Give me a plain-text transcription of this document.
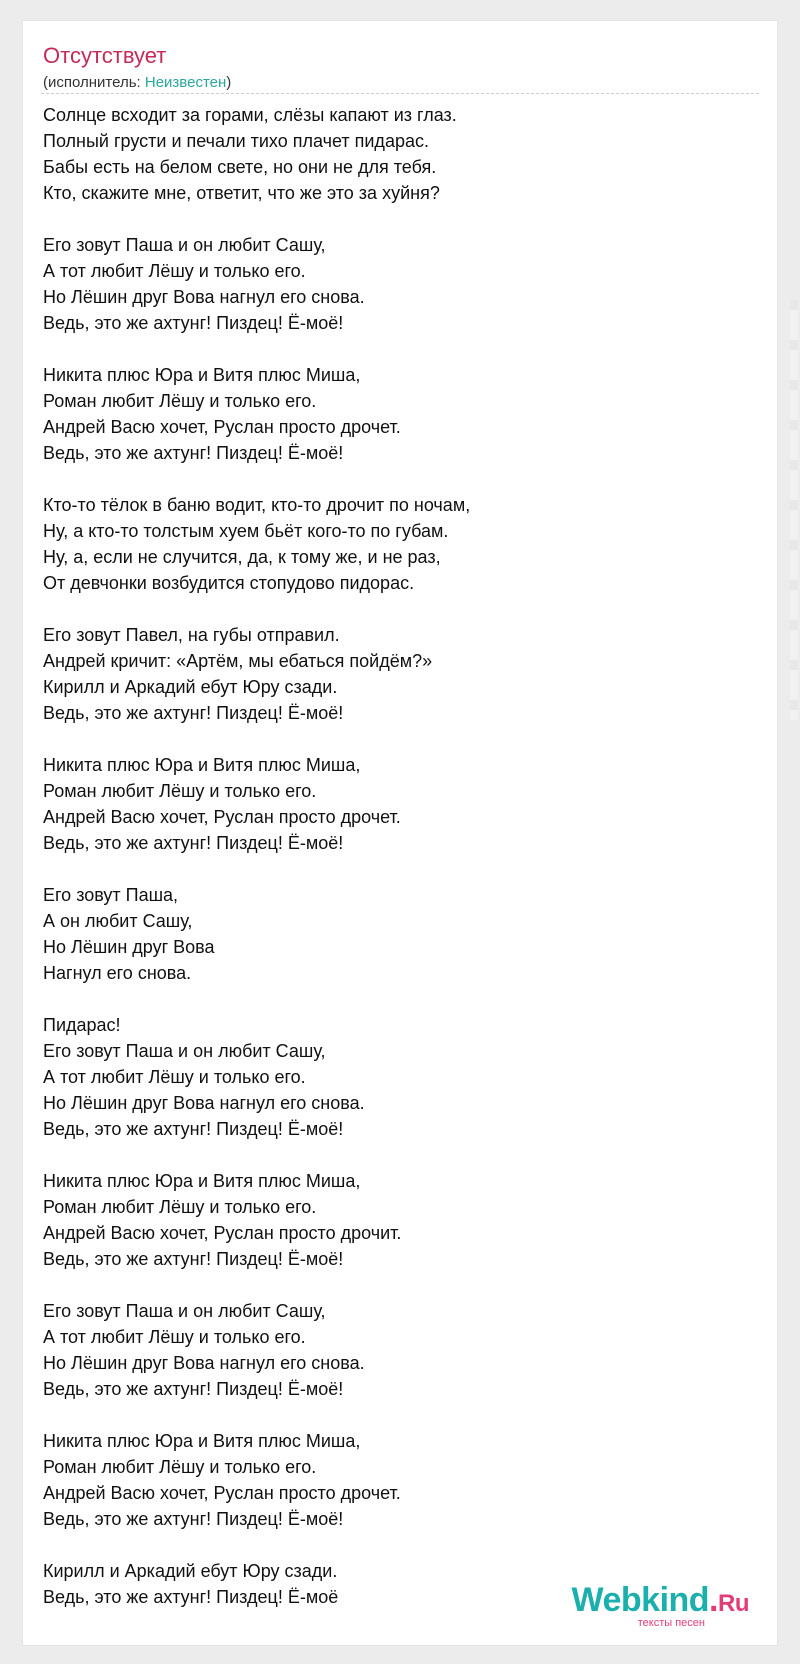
Отсутствует
(исполнитель: Неизвестен)
Солнце всходит за горами, слёзы капают из глаз.
Полный грусти и печали тихо плачет пидарас.
Бабы есть на белом свете, но они не для тебя.
Кто, скажите мне, ответит, что же это за хуйня?
Его зовут Паша и он любит Сашу,
А тот любит Лёшу и только его.
Но Лёшин друг Вова нагнул его снова.
Ведь, это же ахтунг! Пиздец! Ё-моё!
Никита плюс Юра и Витя плюс Миша,
Роман любит Лёшу и только его.
Андрей Васю хочет, Руслан просто дрочет.
Ведь, это же ахтунг! Пиздец! Ё-моё!
Кто-то тёлок в баню водит, кто-то дрочит по ночам,
Ну, а кто-то толстым хуем бьёт кого-то по губам.
Ну, а, если не случится, да, к тому же, и не раз,
От девчонки возбудится стопудово пидорас.
Его зовут Павел, на губы отправил.
Андрей кричит: «Артём, мы ебаться пойдём?»
Кирилл и Аркадий ебут Юру сзади.
Ведь, это же ахтунг! Пиздец! Ё-моё!
Никита плюс Юра и Витя плюс Миша,
Роман любит Лёшу и только его.
Андрей Васю хочет, Руслан просто дрочет.
Ведь, это же ахтунг! Пиздец! Ё-моё!
Его зовут Паша,
А он любит Сашу,
Но Лёшин друг Вова
Нагнул его снова.
Пидарас!
Его зовут Паша и он любит Сашу,
А тот любит Лёшу и только его.
Но Лёшин друг Вова нагнул его снова.
Ведь, это же ахтунг! Пиздец! Ё-моё!
Никита плюс Юра и Витя плюс Миша,
Роман любит Лёшу и только его.
Андрей Васю хочет, Руслан просто дрочит.
Ведь, это же ахтунг! Пиздец! Ё-моё!
Его зовут Паша и он любит Сашу,
А тот любит Лёшу и только его.
Но Лёшин друг Вова нагнул его снова.
Ведь, это же ахтунг! Пиздец! Ё-моё!
Никита плюс Юра и Витя плюс Миша,
Роман любит Лёшу и только его.
Андрей Васю хочет, Руслан просто дрочет.
Ведь, это же ахтунг! Пиздец! Ё-моё!
Кирилл и Аркадий ебут Юру сзади.
Ведь, это же ахтунг! Пиздец! Ё-моё	Webkind.Ru
тексты песен
